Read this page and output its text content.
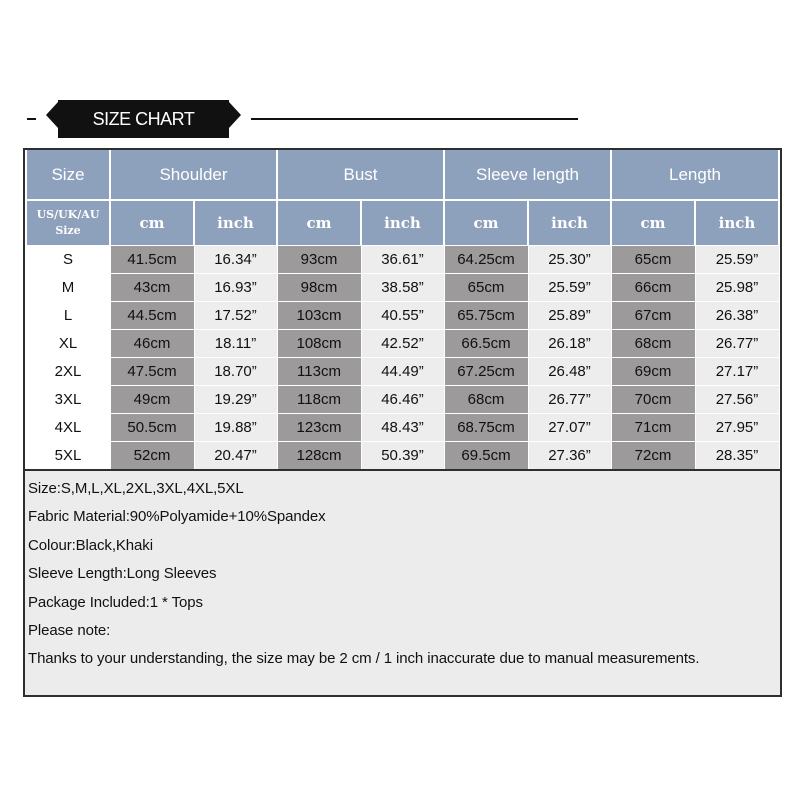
SIZE CHART
Size	Shoulder		Bust		Sleeve length		Length	
US/UK/AU
Size	cm	inch	cm	inch	cm	inch	cm	inch
S	41.5cm	16.34”	93cm	36.61”	64.25cm	25.30”	65cm	25.59”
M	43cm	16.93”	98cm	38.58”	65cm	25.59”	66cm	25.98”
L	44.5cm	17.52”	103cm	40.55”	65.75cm	25.89”	67cm	26.38”
XL	46cm	18.11”	108cm	42.52”	66.5cm	26.18”	68cm	26.77”
2XL	47.5cm	18.70”	113cm	44.49”	67.25cm	26.48”	69cm	27.17”
3XL	49cm	19.29”	118cm	46.46”	68cm	26.77”	70cm	27.56”
4XL	50.5cm	19.88”	123cm	48.43”	68.75cm	27.07”	71cm	27.95”
5XL	52cm	20.47”	128cm	50.39”	69.5cm	27.36”	72cm	28.35”
Size:S,M,L,XL,2XL,3XL,4XL,5XL
Fabric Material:90%Polyamide+10%Spandex
Colour:Black,Khaki
Sleeve Length:Long Sleeves
Package Included:1 * Tops
Please note:
Thanks to your understanding, the size may be 2 cm / 1 inch inaccurate due to manual measurements.
